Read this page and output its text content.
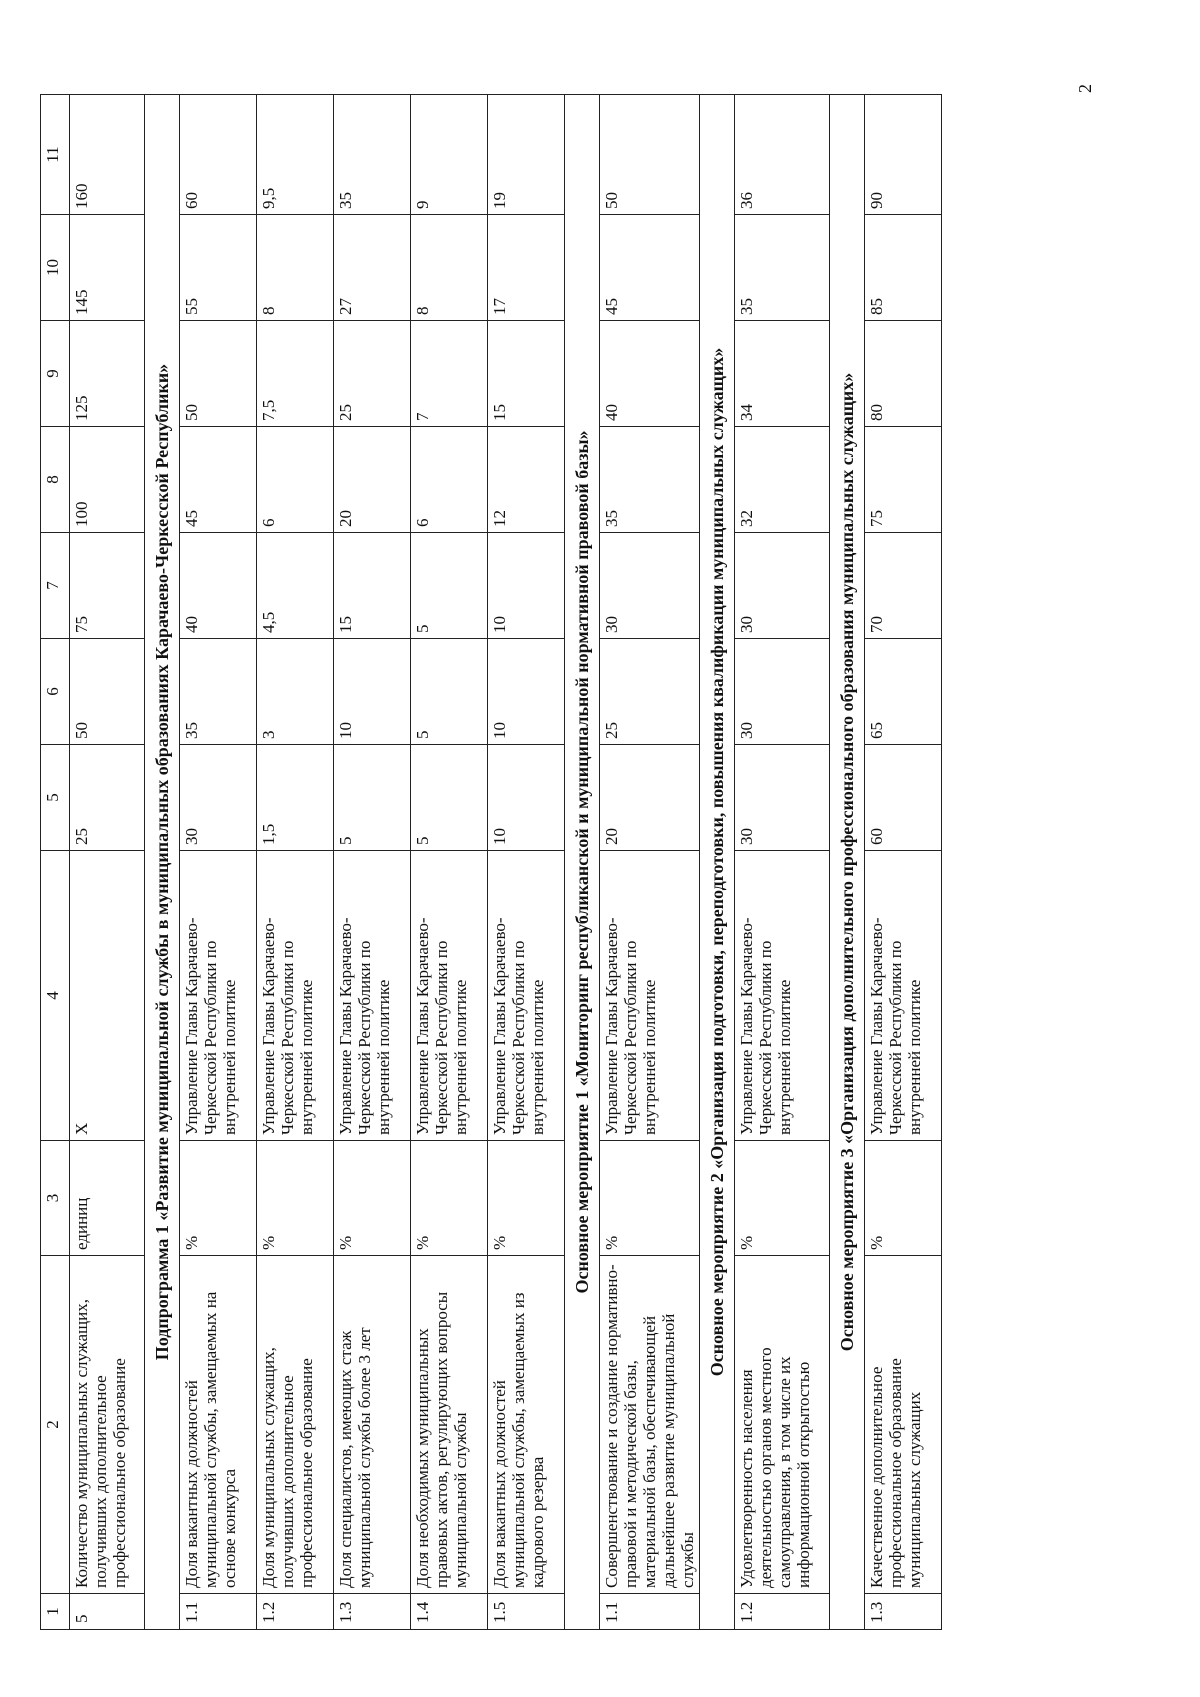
2
1	2	3	4	5	6	7	8	9	10	11
5	Количество муниципальных служащих, получивших дополнительное профессиональное образование	единиц	Х	25	50	75	100	125	145	160
Подпрограмма 1 «Развитие муниципальной службы в муниципальных образованиях Карачаево-Черкесской Республики»										
1.1	Доля вакантных должностей муниципальной службы, замещаемых на основе конкурса	%	Управление Главы Карачаево-Черкесской Республики по внутренней политике	30	35	40	45	50	55	60
1.2	Доля муниципальных служащих, получивших дополнительное профессиональное образование	%	Управление Главы Карачаево-Черкесской Республики по внутренней политике	1,5	3	4,5	6	7,5	8	9,5
1.3	Доля специалистов, имеющих стаж муниципальной службы более 3 лет	%	Управление Главы Карачаево-Черкесской Республики по внутренней политике	5	10	15	20	25	27	35
1.4	Доля необходимых муниципальных правовых актов, регулирующих вопросы муниципальной службы	%	Управление Главы Карачаево-Черкесской Республики по внутренней политике	5	5	5	6	7	8	9
1.5	Доля вакантных должностей муниципальной службы, замещаемых из кадрового резерва	%	Управление Главы Карачаево-Черкесской Республики по внутренней политике	10	10	10	12	15	17	19
Основное мероприятие 1 «Мониторинг республиканской и муниципальной нормативной правовой базы»										
1.1	Совершенствование и создание нормативно-правовой и методической базы, материальной базы, обеспечивающей дальнейшее развитие муниципальной службы	%	Управление Главы Карачаево-Черкесской Республики по внутренней политике	20	25	30	35	40	45	50
Основное мероприятие 2 «Организация подготовки, переподготовки, повышения квалификации муниципальных служащих»										
1.2	Удовлетворенность населения деятельностью органов местного самоуправления, в том числе их информационной открытостью	%	Управление Главы Карачаево-Черкесской Республики по внутренней политике	30	30	30	32	34	35	36
Основное мероприятие 3 «Организация дополнительного профессионального образования муниципальных служащих»										
1.3	Качественное дополнительное профессиональное образование муниципальных служащих	%	Управление Главы Карачаево-Черкесской Республики по внутренней политике	60	65	70	75	80	85	90
